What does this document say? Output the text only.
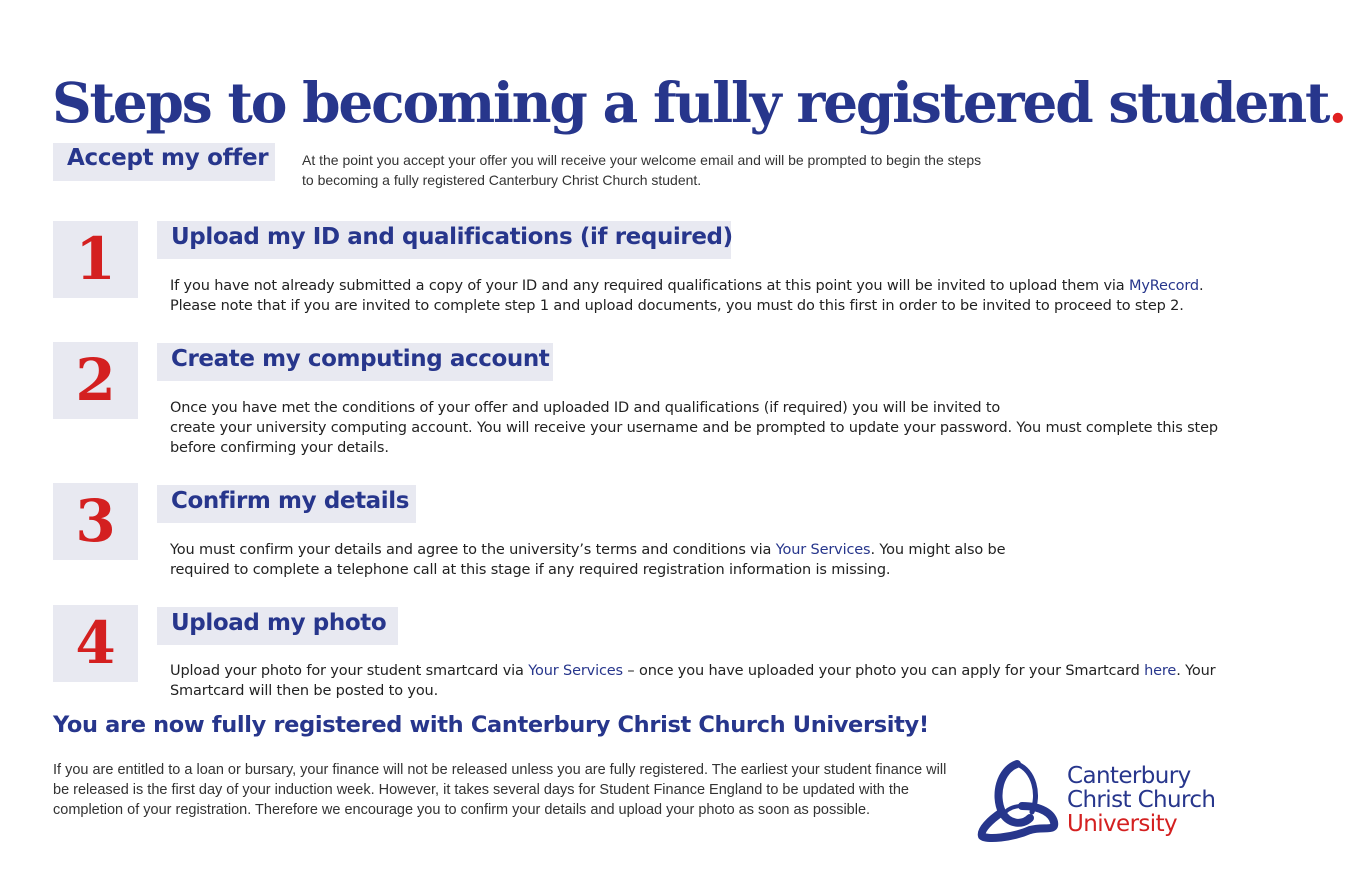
Steps to becoming a fully registered student.
Accept my offer At the point you accept your offer you will receive your welcome email and will be prompted to begin the steps to becoming a fully registered Canterbury Christ Church student.
1	Upload my ID and qualifications (if required)
If you have not already submitted a copy of your ID and any required qualifications at this point you will be invited to upload them via MyRecord. Please note that if you are invited to complete step 1 and upload documents, you must do this first in order to be invited to proceed to step 2.
2	Create my computing account
Once you have met the conditions of your offer and uploaded ID and qualifications (if required) you will be invited to
create your university computing account. You will receive your username and be prompted to update your password. You must complete this step before confirming your details.
3	Confirm my details
You must confirm your details and agree to the university’s terms and conditions via Your Services. You might also be required to complete a telephone call at this stage if any required registration information is missing.
4	Upload my photo
Upload your photo for your student smartcard via Your Services – once you have uploaded your photo you can apply for your Smartcard here. Your Smartcard will then be posted to you.
You are now fully registered with Canterbury Christ Church University!
If you are entitled to a loan or bursary, your finance will not be released unless you are fully registered. The earliest your student finance will be released is the first day of your induction week. However, it takes several days for Student Finance England to be updated with the completion of your registration. Therefore we encourage you to confirm your details and upload your photo as soon as possible.
Canterbury
Christ Church
University
